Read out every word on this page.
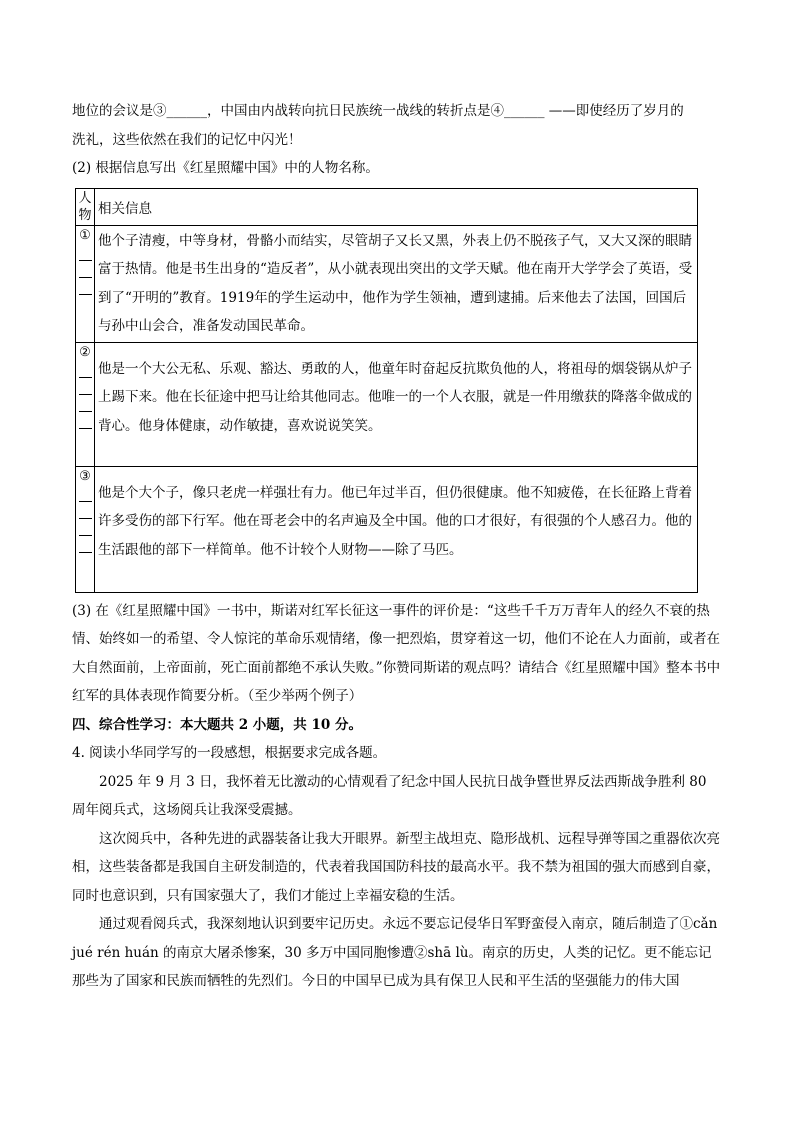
地位的会议是③______，中国由内战转向抗日民族统一战线的转折点是④______ ——即使经历了岁月的

洗礼，这些依然在我们的记忆中闪光！

(2) 根据信息写出《红星照耀中国》中的人物名称。

人物	相关信息

①	他个子清瘦，中等身材，骨骼小而结实，尽管胡子又长又黑，外表上仍不脱孩子气，又大又深的眼睛富于热情。他是书生出身的“造反者”，从小就表现出突出的文学天赋。他在南开大学学会了英语，受到了“开明的”教育。1919年的学生运动中，他作为学生领袖，遭到逮捕。后来他去了法国，回国后与孙中山会合，准备发动国民革命。

②	他是一个大公无私、乐观、豁达、勇敢的人，他童年时奋起反抗欺负他的人，将祖母的烟袋锅从炉子上踢下来。他在长征途中把马让给其他同志。他唯一的一个人衣服，就是一件用缴获的降落伞做成的背心。他身体健康，动作敏捷，喜欢说说笑笑。

③	他是个大个子，像只老虎一样强壮有力。他已年过半百，但仍很健康。他不知疲倦，在长征路上背着许多受伤的部下行军。他在哥老会中的名声遍及全中国。他的口才很好，有很强的个人感召力。他的生活跟他的部下一样简单。他不计较个人财物——除了马匹。

(3) 在《红星照耀中国》一书中，斯诺对红军长征这一事件的评价是：“这些千千万万青年人的经久不衰的热情、始终如一的希望、令人惊诧的革命乐观情绪，像一把烈焰，贯穿着这一切，他们不论在人力面前，或者在大自然面前，上帝面前，死亡面前都绝不承认失败。”你赞同斯诺的观点吗？请结合《红星照耀中国》整本书中红军的具体表现作简要分析。（至少举两个例子）

四、综合性学习：本大题共 2 小题，共 10 分。

4. 阅读小华同学写的一段感想，根据要求完成各题。

2025 年 9 月 3 日，我怀着无比激动的心情观看了纪念中国人民抗日战争暨世界反法西斯战争胜利 80 周年阅兵式，这场阅兵让我深受震撼。

这次阅兵中，各种先进的武器装备让我大开眼界。新型主战坦克、隐形战机、远程导弹等国之重器依次亮相，这些装备都是我国自主研发制造的，代表着我国国防科技的最高水平。我不禁为祖国的强大而感到自豪，同时也意识到，只有国家强大了，我们才能过上幸福安稳的生活。

通过观看阅兵式，我深刻地认识到要牢记历史。永远不要忘记侵华日军野蛮侵入南京，随后制造了①cǎn jué rén huán 的南京大屠杀惨案，30 多万中国同胞惨遭②shā lù。南京的历史，人类的记忆。更不能忘记那些为了国家和民族而牺牲的先烈们。今日的中国早已成为具有保卫人民和平生活的坚强能力的伟大国
